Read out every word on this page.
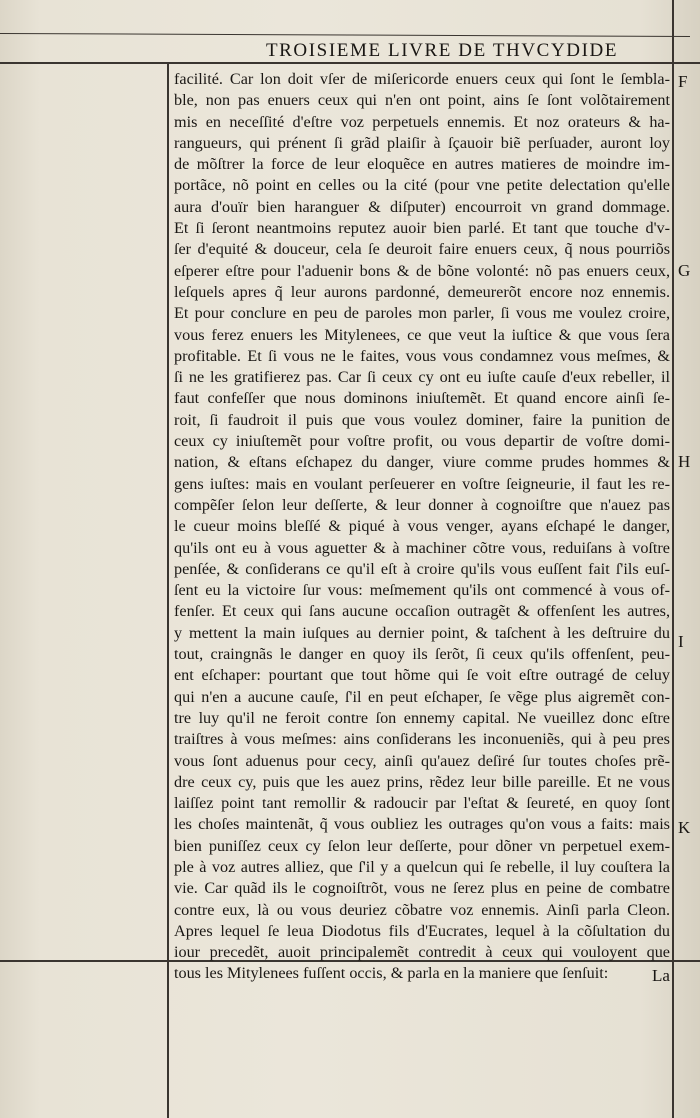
TROISIEME LIVRE DE THVCYDIDE
facilité. Car lon doit vſer de miſericorde enuers ceux qui ſont le ſembla-
ble, non pas enuers ceux qui n'en ont point, ains ſe ſont volõtairement
mis en neceſſité d'eſtre voz perpetuels ennemis. Et noz orateurs & ha-
rangueurs, qui prénent ſi grãd plaiſir à ſçauoir biẽ perſuader, auront loy
de mõſtrer la force de leur eloquẽce en autres matieres de moindre im-
portãce, nõ point en celles ou la cité (pour vne petite delectation qu'elle
aura d'ouïr bien haranguer & diſputer) encourroit vn grand dommage.
Et ſi ſeront neantmoins reputez auoir bien parlé. Et tant que touche d'v-
ſer d'equité & douceur, cela ſe deuroit faire enuers ceux, q̃ nous pourriõs
eſperer eſtre pour l'aduenir bons & de bõne volonté: nõ pas enuers ceux,
leſquels apres q̃ leur aurons pardonné, demeurerõt encore noz ennemis.
Et pour conclure en peu de paroles mon parler, ſi vous me voulez croire,
vous ferez enuers les Mitylenees, ce que veut la iuſtice & que vous ſera
profitable. Et ſi vous ne le faites, vous vous condamnez vous meſmes, &
ſi ne les gratifierez pas. Car ſi ceux cy ont eu iuſte cauſe d'eux rebeller, il
faut confeſſer que nous dominons iniuſtemẽt. Et quand encore ainſi ſe-
roit, ſi faudroit il puis que vous voulez dominer, faire la punition de
ceux cy iniuſtemẽt pour voſtre profit, ou vous departir de voſtre domi-
nation, & eſtans eſchapez du danger, viure comme prudes hommes &
gens iuſtes: mais en voulant perſeuerer en voſtre ſeigneurie, il faut les re-
compẽſer ſelon leur deſſerte, & leur donner à cognoiſtre que n'auez pas
le cueur moins bleſſé & piqué à vous venger, ayans eſchapé le danger,
qu'ils ont eu à vous aguetter & à machiner cõtre vous, reduiſans à voſtre
penſée, & conſiderans ce qu'il eſt à croire qu'ils vous euſſent fait ſ'ils euſ-
ſent eu la victoire ſur vous: meſmement qu'ils ont commencé à vous of-
fenſer. Et ceux qui ſans aucune occaſion outragẽt & offenſent les autres,
y mettent la main iuſques au dernier point, & taſchent à les deſtruire du
tout, craingnãs le danger en quoy ils ſerõt, ſi ceux qu'ils offenſent, peu-
ent eſchaper: pourtant que tout hõme qui ſe voit eſtre outragé de celuy
qui n'en a aucune cauſe, ſ'il en peut eſchaper, ſe vẽge plus aigremẽt con-
tre luy qu'il ne feroit contre ſon ennemy capital. Ne vueillez donc eſtre
traiſtres à vous meſmes: ains conſiderans les inconueniẽs, qui à peu pres
vous ſont aduenus pour cecy, ainſi qu'auez deſiré ſur toutes choſes prẽ-
dre ceux cy, puis que les auez prins, rẽdez leur bille pareille. Et ne vous
laiſſez point tant remollir & radoucir par l'eſtat & ſeureté, en quoy ſont
les choſes maintenãt, q̃ vous oubliez les outrages qu'on vous a faits: mais
bien puniſſez ceux cy ſelon leur deſſerte, pour dõner vn perpetuel exem-
ple à voz autres alliez, que ſ'il y a quelcun qui ſe rebelle, il luy couſtera la
vie. Car quãd ils le cognoiſtrõt, vous ne ſerez plus en peine de combatre
contre eux, là ou vous deuriez cõbatre voz ennemis. Ainſi parla Cleon.
Apres lequel ſe leua Diodotus fils d'Eucrates, lequel à la cõſultation du
iour precedẽt, auoit principalemẽt contredit à ceux qui vouloyent que
tous les Mitylenees fuſſent occis, & parla en la maniere que ſenſuit:
F
G
H
I
K
La
